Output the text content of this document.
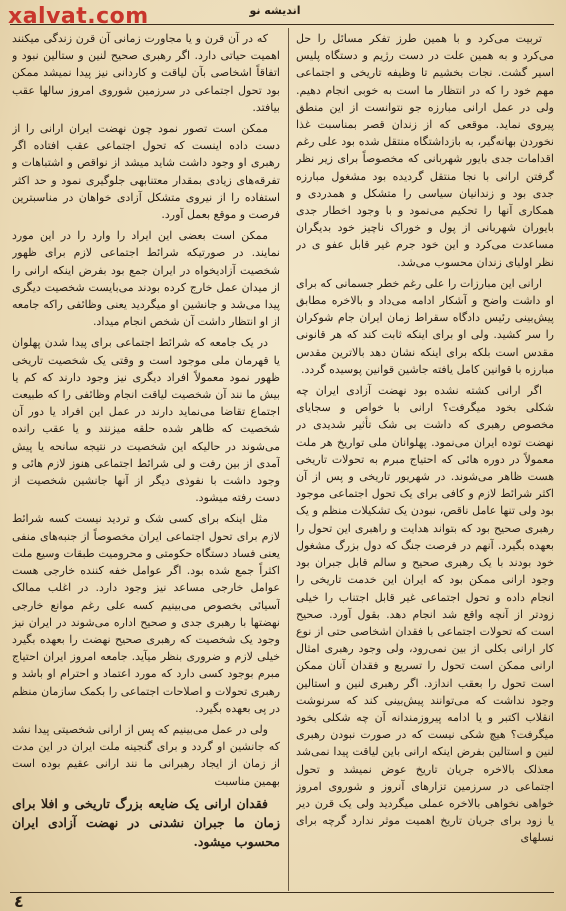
xalvat.com	اندیشه نو

تربیت می‌کرد و با همین طرز تفکر مسائل را حل می‌کرد و به همین علت در دست رژیم و دستگاه پلیس اسیر گشت. نجات بخشیم تا وظیفه تاریخی و اجتماعی مهم خود را که در انتظار ما است به خوبی انجام دهیم. ولی در عمل ارانی مبارزه جو نتوانست از این منطق پیروی نماید. موقعی که از زندان قصر بمناسبت غذا نخوردن بهانه‌گیر، به بازداشتگاه منتقل شده بود علی رغم اقدامات جدی بایور شهربانی که مخصوصاً برای زیر نظر گرفتن ارانی با نجا منتقل گردیده بود مشغول مبارزه جدی بود و زندانیان سیاسی را متشکل و همدردی و همکاری آنها را تحکیم می‌نمود و با وجود اخطار جدی بایوران شهربانی از پول و خوراک ناچیز خود بدیگران مساعدت می‌کرد و این خود جرم غیر قابل عفو ی در نظر اولیای زندان محسوب می‌شد.

ارانی این مبارزات را علی رغم خطر جسمانی که برای او داشت واضح و آشکار ادامه می‌داد و بالاخره مطابق پیش‌بینی رئیس دادگاه سقراط زمان ایران جام شوکران را سر کشید. ولی او برای اینکه ثابت کند که هر قانونی مقدس است بلکه برای اینکه نشان دهد بالاترین مقدس مبارزه با قوانین کامل یافته جاشین قوانین پوسیده گردد.

اگر ارانی کشته نشده بود نهضت آزادی ایران چه شکلی بخود میگرفت؟ ارانی با خواص و سجایای مخصوص رهبری که داشت بی شک تأثیر شدیدی در نهضت توده ایران می‌نمود. پهلوانان ملی تواریخ هر ملت معمولاً در دوره هائی که احتیاج مبرم به تحولات تاریخی هست ظاهر می‌شوند. در شهریور تاریخی و پس از آن اکثر شرائط لازم و کافی برای یک تحول اجتماعی موجود بود ولی تنها عامل ناقص، نبودن یک تشکیلات منظم و یک رهبری صحیح بود که بتواند هدایت و راهبری این تحول را بعهده بگیرد. آنهم در فرصت جنگ که دول بزرگ مشغول خود بودند با یک رهبری صحیح و سالم قابل جبران بود وجود ارانی ممکن بود که ایران این خدمت تاریخی را انجام داده و تحول اجتماعی غیر قابل اجتناب را خیلی زودتر از آنچه واقع شد انجام دهد. بقول آورد. صحیح است که تحولات اجتماعی با فقدان اشخاصی حتی از نوع کار ارانی بکلی از بین نمی‌رود، ولی وجود رهبری امثال ارانی ممکن است تحول را تسریع و فقدان آنان ممکن است تحول را بعقب اندازد. اگر رهبری لنین و استالین وجود نداشت که می‌توانند پیش‌بینی کند که سرنوشت انقلاب اکتبر و یا ادامه پیروزمندانه آن چه شکلی بخود میگرفت؟ هیچ شکی نیست که در صورت نبودن رهبری لنین و استالین بفرض اینکه ارانی باین لیاقت پیدا نمی‌شد معذلک بالاخره جریان تاریخ عوض نمیشد و تحول اجتماعی در سرزمین تزارهای آنروز و شوروی امروز خواهی نخواهی بالاخره عملی میگردید ولی یک قرن دیر یا زود برای جریان تاریخ اهمیت موثر ندارد گرچه برای نسلهای

که در آن قرن و یا مجاورت زمانی آن قرن زندگی میکنند اهمیت حیاتی دارد. اگر رهبری صحیح لنین و ستالین نبود و اتفاقاً اشخاصی بآن لیاقت و کاردانی نیز پیدا نمیشد ممکن بود تحول اجتماعی در سرزمین شوروی امروز سالها عقب بیافتد.

ممکن است تصور نمود چون نهضت ایران ارانی را از دست داده اینست که تحول اجتماعی عقب افتاده اگر رهبری او وجود داشت شاید میشد از نواقص و اشتباهات و تفرقه‌های زیادی بمقدار معتنابهی جلوگیری نمود و حد اکثر استفاده را از نیروی متشکل آزادی خواهان در مناسبترین فرصت و موقع بعمل آورد.

ممکن است بعضی این ایراد را وارد را در این مورد نمایند. در صورتیکه شرائط اجتماعی لازم برای ظهور شخصیت آزادیخواه در ایران جمع بود بفرض اینکه ارانی را از میدان عمل خارج کرده بودند می‌بایست شخصیت دیگری پیدا می‌شد و جانشین او میگردید یعنی وظائفی راکه جامعه از او انتظار داشت آن شخص انجام میداد.

در یک جامعه که شرائط اجتماعی برای پیدا شدن پهلوان یا قهرمان ملی موجود است و وقتی یک شخصیت تاریخی ظهور نمود معمولاً افراد دیگری نیز وجود دارند که کم یا بیش ما نند آن شخصیت لیاقت انجام وظائفی را که طبیعت اجتماع تقاضا می‌نماید دارند در عمل این افراد یا دور آن شخصیت که ظاهر شده حلقه میزنند و یا عقب رانده می‌شوند در حالیکه این شخصیت در نتیجه سانحه یا پیش آمدی از بین رفت و لی شرائط اجتماعی هنوز لازم هائی و وجود داشت با نفوذی دیگر از آنها جانشین شخصیت از دست رفته میشود.

مثل اینکه برای کسی شک و تردید نیست کسه شرائط لازم برای تحول اجتماعی ایران مخصوصاً از جنبه‌های منفی یعنی فساد دستگاه حکومتی و محرومیت طبقات وسیع ملت اکثراً جمع شده بود. اگر عوامل خفه کننده خارجی هست عوامل خارجی مساعد نیز وجود دارد. در اغلب ممالک آسیائی بخصوص می‌بینیم کسه علی رغم موانع خارجی نهضتها با رهبری جدی و صحیح اداره می‌شوند در ایران نیز وجود یک شخصیت که رهبری صحیح نهضت را بعهده بگیرد خیلی لازم و ضروری بنظر میآید. جامعه امروز ایران احتیاج مبرم بوجود کسی دارد که مورد اعتماد و احترام او باشد و رهبری تحولات و اصلاحات اجتماعی را بکمک سازمان منظم در پی بعهده بگیرد.

ولی در عمل می‌بینیم که پس از ارانی شخصیتی پیدا نشد که جانشین او گردد و برای گنجینه ملت ایران در این مدت از زمان از ایجاد رهبرانی ما نند ارانی عقیم بوده است بهمین مناسبت

فقدان ارانی یک ضایعه بزرگ تاریخی و افلا برای زمان ما جبران نشدنی در نهضت آزادی ایران محسوب میشود.

٤
